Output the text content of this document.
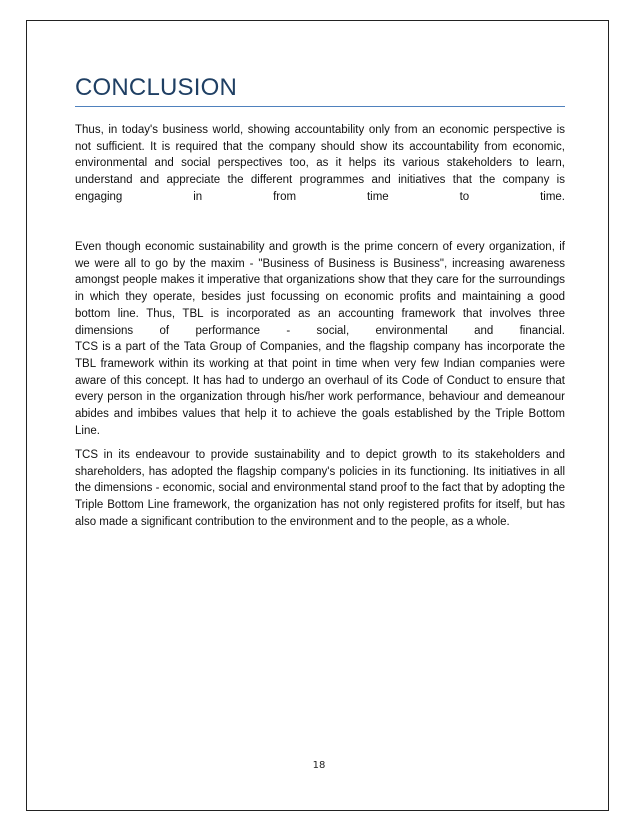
CONCLUSION
Thus, in today's business world, showing accountability only from an economic perspective is
not sufficient. It is required that the company should show its accountability from economic,
environmental and social perspectives too, as it helps its various stakeholders to learn,
understand and appreciate the different programmes and initiatives that the company is
engaging in from time to time.
Even though economic sustainability and growth is the prime concern of every organization, if
we were all to go by the maxim - "Business of Business is Business", increasing awareness
amongst people makes it imperative that organizations show that they care for the surroundings
in which they operate, besides just focussing on economic profits and maintaining a good
bottom line. Thus, TBL is incorporated as an accounting framework that involves three
dimensions of performance - social, environmental and financial.
TCS is a part of the Tata Group of Companies, and the flagship company has incorporate the
TBL framework within its working at that point in time when very few Indian companies were
aware of this concept. It has had to undergo an overhaul of its Code of Conduct to ensure that
every person in the organization through his/her work performance, behaviour and demeanour
abides and imbibes values that help it to achieve the goals established by the Triple Bottom
Line.
TCS in its endeavour to provide sustainability and to depict growth to its stakeholders and
shareholders, has adopted the flagship company's policies in its functioning. Its initiatives in all
the dimensions - economic, social and environmental stand proof to the fact that by adopting the
Triple Bottom Line framework, the organization has not only registered profits for itself, but has
also made a significant contribution to the environment and to the people, as a whole.
18
